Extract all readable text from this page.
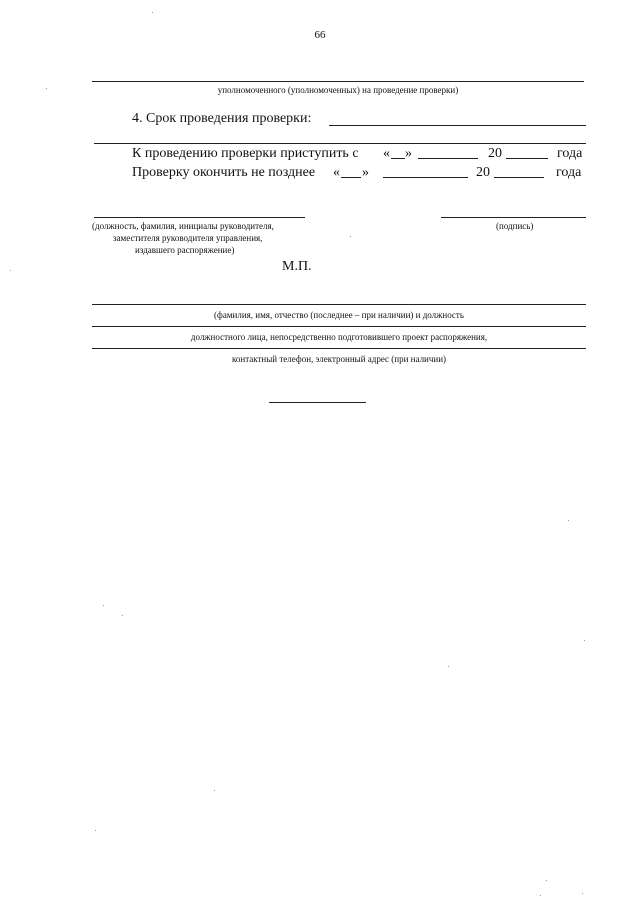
66
уполномоченного (уполномоченных) на проведение проверки)
4. Срок проведения проверки:
К проведению проверки приступить с « »	20	года
Проверку окончить не позднее « »	20	года
(должность, фамилия, инициалы руководителя,	(подпись)
заместителя руководителя управления,
издавшего распоряжение)
М.П.
(фамилия, имя, отчество (последнее – при наличии) и должность
должностного лица, непосредственно подготовившего проект распоряжения,
контактный телефон, электронный адрес (при наличии)
